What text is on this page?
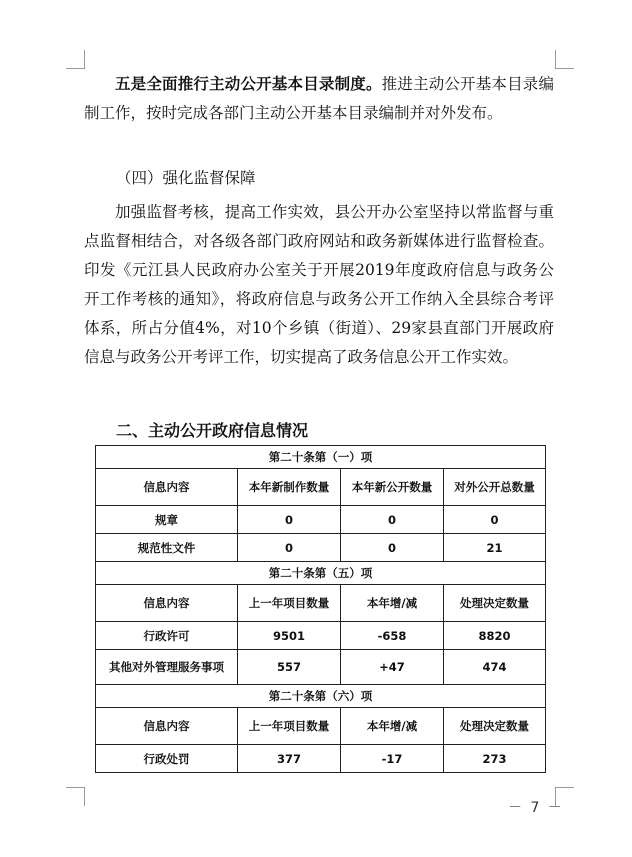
五是全面推行主动公开基本目录制度。推进主动公开基本目录编制工作，按时完成各部门主动公开基本目录编制并对外发布。
（四）强化监督保障
加强监督考核，提高工作实效，县公开办公室坚持以常监督与重点监督相结合，对各级各部门政府网站和政务新媒体进行监督检查。印发《元江县人民政府办公室关于开展2019年度政府信息与政务公开工作考核的通知》，将政府信息与政务公开工作纳入全县综合考评体系，所占分值4%，对10个乡镇（街道）、29家县直部门开展政府信息与政务公开考评工作，切实提高了政务信息公开工作实效。
二、主动公开政府信息情况
第二十条第（一）项			
信息内容	本年新制作数量	本年新公开数量	对外公开总数量
规章	0	0	0
规范性文件	0	0	21
第二十条第（五）项			
信息内容	上一年项目数量	本年增/减	处理决定数量
行政许可	9501	-658	8820
其他对外管理服务事项	557	+47	474
第二十条第（六）项			
信息内容	上一年项目数量	本年增/减	处理决定数量
行政处罚	377	-17	273
－ 7 －
